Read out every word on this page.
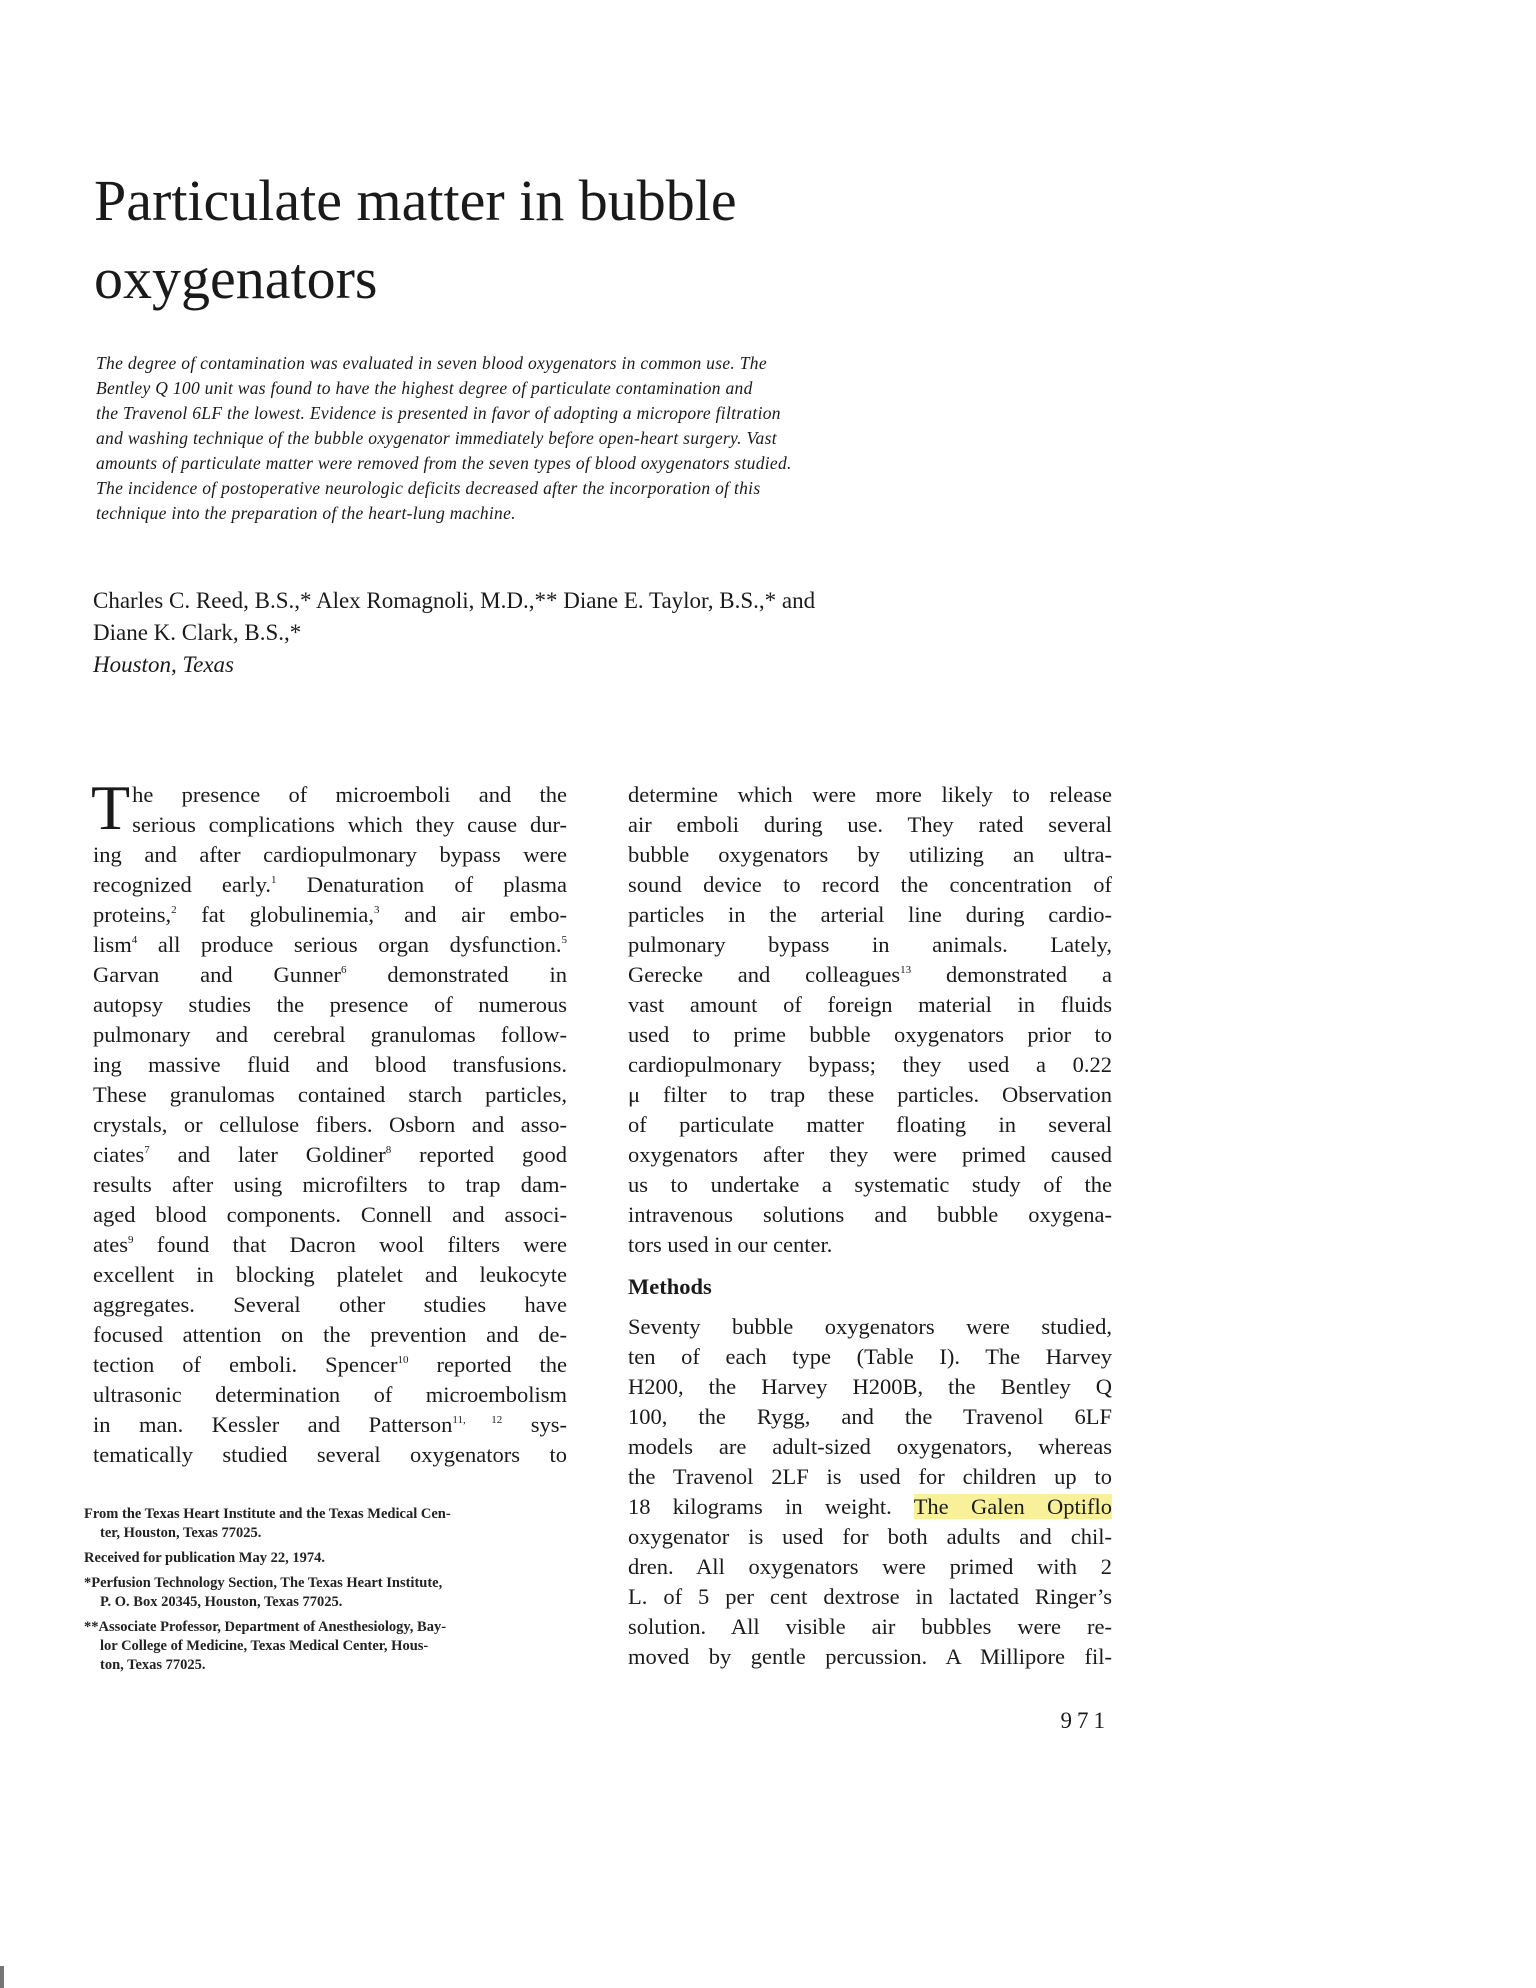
Particulate matter in bubble
oxygenators
The degree of contamination was evaluated in seven blood oxygenators in common use. The
Bentley Q 100 unit was found to have the highest degree of particulate contamination and
the Travenol 6LF the lowest. Evidence is presented in favor of adopting a micropore filtration
and washing technique of the bubble oxygenator immediately before open-heart surgery. Vast
amounts of particulate matter were removed from the seven types of blood oxygenators studied.
The incidence of postoperative neurologic deficits decreased after the incorporation of this
technique into the preparation of the heart-lung machine.
Charles C. Reed, B.S.,* Alex Romagnoli, M.D.,** Diane E. Taylor, B.S.,* and
Diane K. Clark, B.S.,*
Houston, Texas
T he presence of microemboli and the
serious complications which they cause dur-
ing and after cardiopulmonary bypass were
recognized early.$^1$ Denaturation of plasma
proteins,$^2$ fat globulinemia,$^3$ and air embo-
lism$^4$ all produce serious organ dysfunction.$^5$
Garvan and Gunner$^6$ demonstrated in
autopsy studies the presence of numerous
pulmonary and cerebral granulomas follow-
ing massive fluid and blood transfusions.
These granulomas contained starch particles,
crystals, or cellulose fibers. Osborn and asso-
ciates$^7$ and later Goldiner$^8$ reported good
results after using microfilters to trap dam-
aged blood components. Connell and associ-
ates$^9$ found that Dacron wool filters were
excellent in blocking platelet and leukocyte
aggregates. Several other studies have
focused attention on the prevention and de-
tection of emboli. Spencer$^{10}$ reported the
ultrasonic determination of microembolism
in man. Kessler and Patterson$^{11, 12}$ sys-
tematically studied several oxygenators to
determine which were more likely to release
air emboli during use. They rated several
bubble oxygenators by utilizing an ultra-
sound device to record the concentration of
particles in the arterial line during cardio-
pulmonary bypass in animals. Lately,
Gerecke and colleagues$^{13}$ demonstrated a
vast amount of foreign material in fluids
used to prime bubble oxygenators prior to
cardiopulmonary bypass; they used a 0.22
μ filter to trap these particles. Observation
of particulate matter floating in several
oxygenators after they were primed caused
us to undertake a systematic study of the
intravenous solutions and bubble oxygena-
tors used in our center.
Methods
Seventy bubble oxygenators were studied,
ten of each type (Table I). The Harvey
H200, the Harvey H200B, the Bentley Q
100, the Rygg, and the Travenol 6LF
models are adult-sized oxygenators, whereas
the Travenol 2LF is used for children up to
18 kilograms in weight. The Galen Optiflo
oxygenator is used for both adults and chil-
dren. All oxygenators were primed with 2
L. of 5 per cent dextrose in lactated Ringer’s
solution. All visible air bubbles were re-
moved by gentle percussion. A Millipore fil-
From the Texas Heart Institute and the Texas Medical Cen-
ter, Houston, Texas 77025.
Received for publication May 22, 1974.
*Perfusion Technology Section, The Texas Heart Institute,
P. O. Box 20345, Houston, Texas 77025.
**Associate Professor, Department of Anesthesiology, Bay-
lor College of Medicine, Texas Medical Center, Hous-
ton, Texas 77025.
971
